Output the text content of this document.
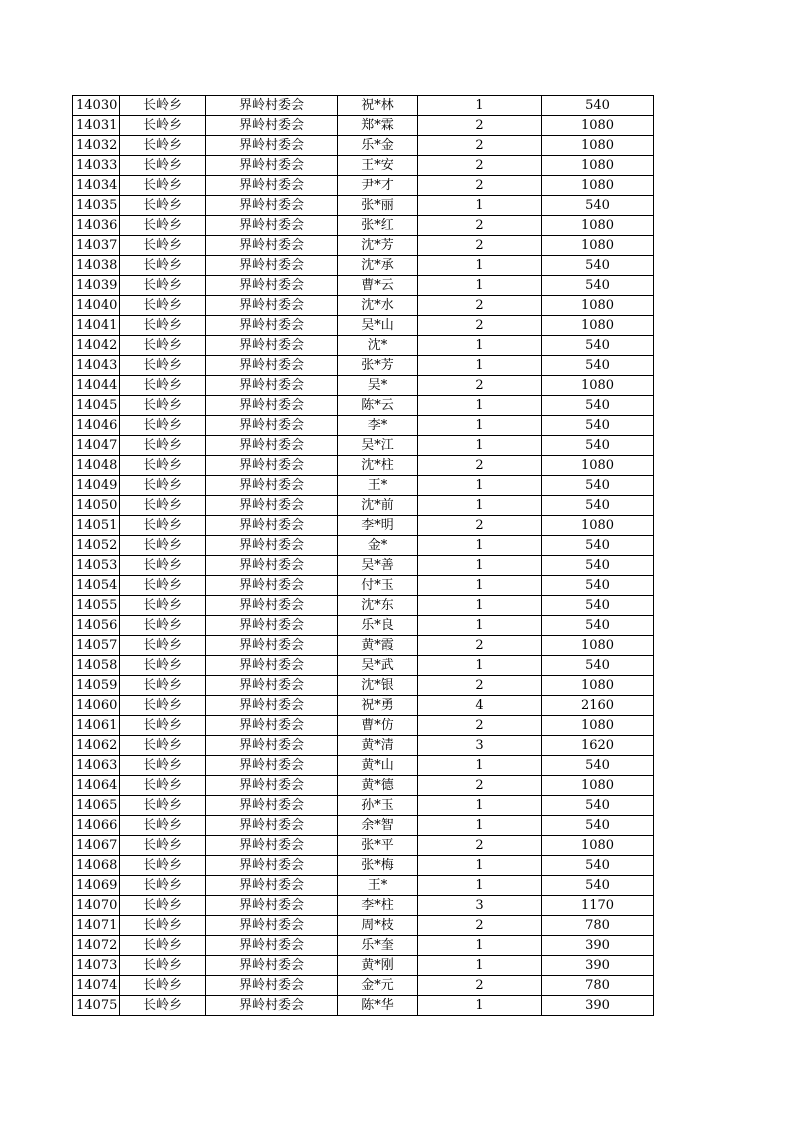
14030	长岭乡	界岭村委会	祝*林	1	540
14031	长岭乡	界岭村委会	郑*霖	2	1080
14032	长岭乡	界岭村委会	乐*金	2	1080
14033	长岭乡	界岭村委会	王*安	2	1080
14034	长岭乡	界岭村委会	尹*才	2	1080
14035	长岭乡	界岭村委会	张*丽	1	540
14036	长岭乡	界岭村委会	张*红	2	1080
14037	长岭乡	界岭村委会	沈*芳	2	1080
14038	长岭乡	界岭村委会	沈*承	1	540
14039	长岭乡	界岭村委会	曹*云	1	540
14040	长岭乡	界岭村委会	沈*水	2	1080
14041	长岭乡	界岭村委会	吴*山	2	1080
14042	长岭乡	界岭村委会	沈*	1	540
14043	长岭乡	界岭村委会	张*芳	1	540
14044	长岭乡	界岭村委会	吴*	2	1080
14045	长岭乡	界岭村委会	陈*云	1	540
14046	长岭乡	界岭村委会	李*	1	540
14047	长岭乡	界岭村委会	吴*江	1	540
14048	长岭乡	界岭村委会	沈*柱	2	1080
14049	长岭乡	界岭村委会	王*	1	540
14050	长岭乡	界岭村委会	沈*前	1	540
14051	长岭乡	界岭村委会	李*明	2	1080
14052	长岭乡	界岭村委会	金*	1	540
14053	长岭乡	界岭村委会	吴*善	1	540
14054	长岭乡	界岭村委会	付*玉	1	540
14055	长岭乡	界岭村委会	沈*东	1	540
14056	长岭乡	界岭村委会	乐*良	1	540
14057	长岭乡	界岭村委会	黄*霞	2	1080
14058	长岭乡	界岭村委会	吴*武	1	540
14059	长岭乡	界岭村委会	沈*银	2	1080
14060	长岭乡	界岭村委会	祝*勇	4	2160
14061	长岭乡	界岭村委会	曹*仿	2	1080
14062	长岭乡	界岭村委会	黄*清	3	1620
14063	长岭乡	界岭村委会	黄*山	1	540
14064	长岭乡	界岭村委会	黄*德	2	1080
14065	长岭乡	界岭村委会	孙*玉	1	540
14066	长岭乡	界岭村委会	余*智	1	540
14067	长岭乡	界岭村委会	张*平	2	1080
14068	长岭乡	界岭村委会	张*梅	1	540
14069	长岭乡	界岭村委会	王*	1	540
14070	长岭乡	界岭村委会	李*柱	3	1170
14071	长岭乡	界岭村委会	周*枝	2	780
14072	长岭乡	界岭村委会	乐*奎	1	390
14073	长岭乡	界岭村委会	黄*刚	1	390
14074	长岭乡	界岭村委会	金*元	2	780
14075	长岭乡	界岭村委会	陈*华	1	390
